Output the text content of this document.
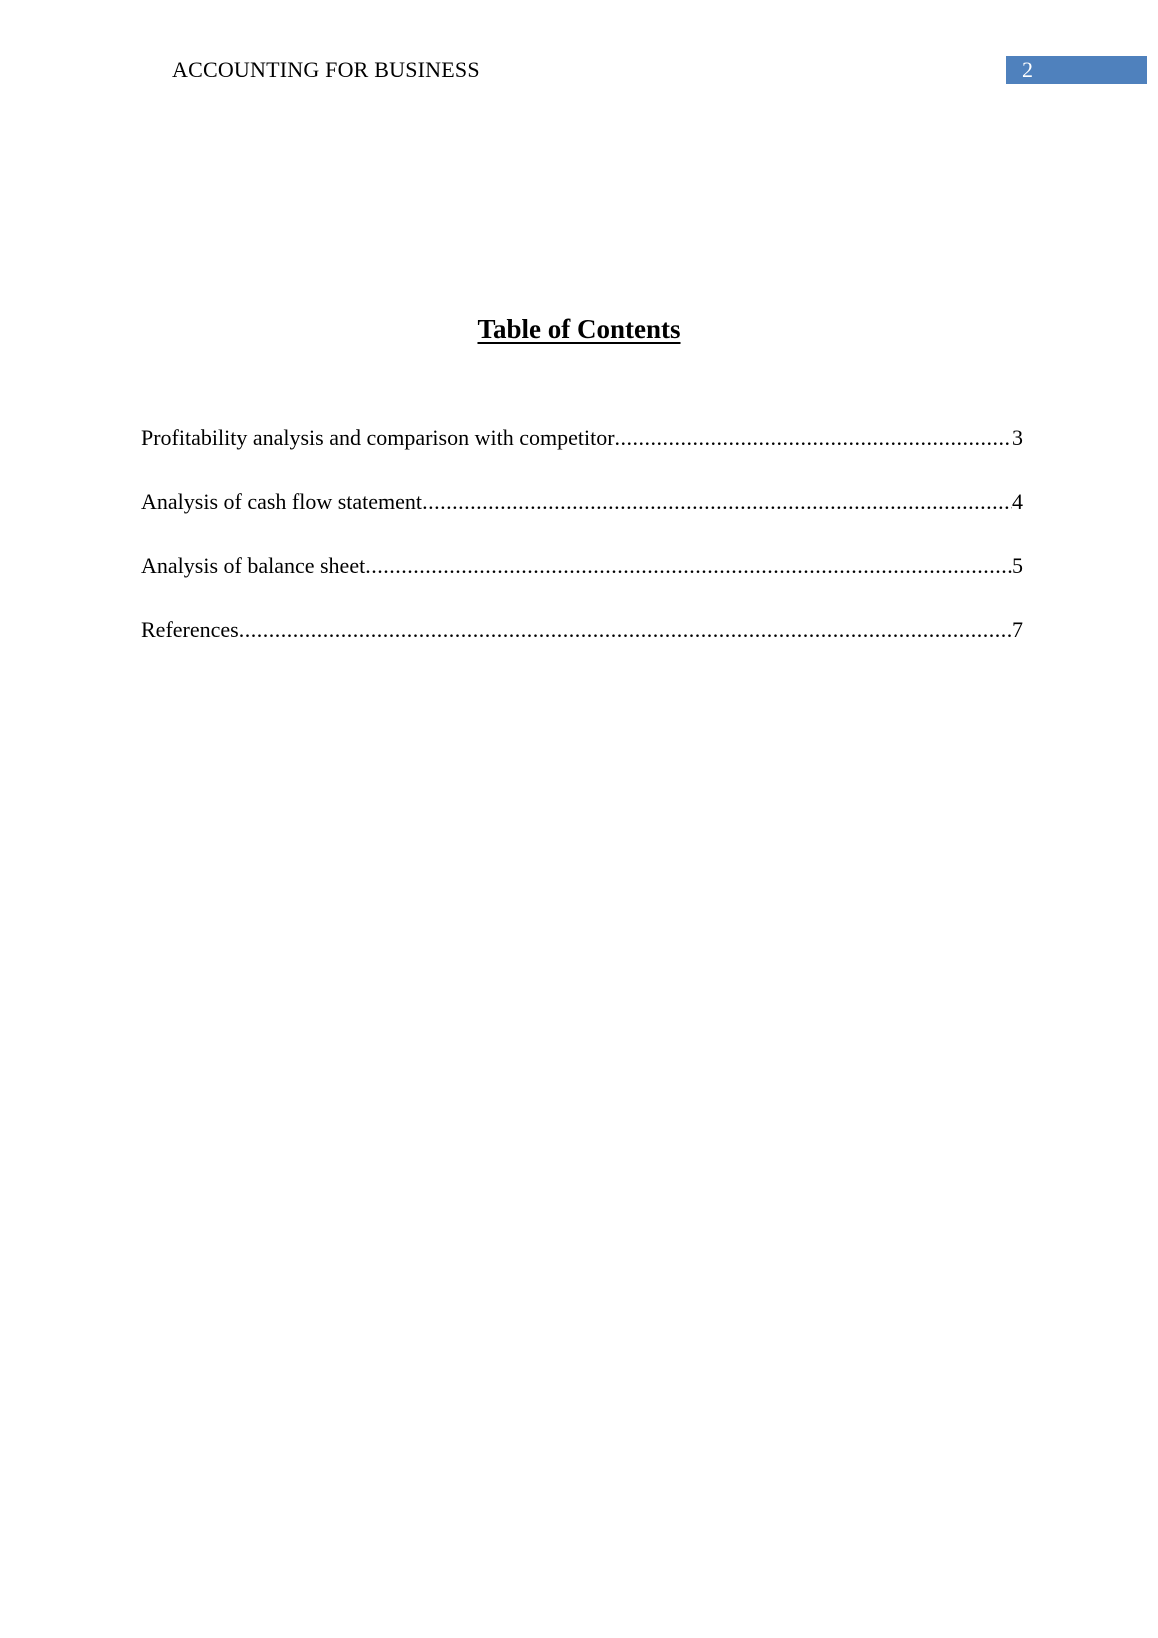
ACCOUNTING FOR BUSINESS	2
Table of Contents
Profitability analysis and comparison with competitor .....	3
Analysis of cash flow statement .....	4
Analysis of balance sheet .....	5
References .....	7
